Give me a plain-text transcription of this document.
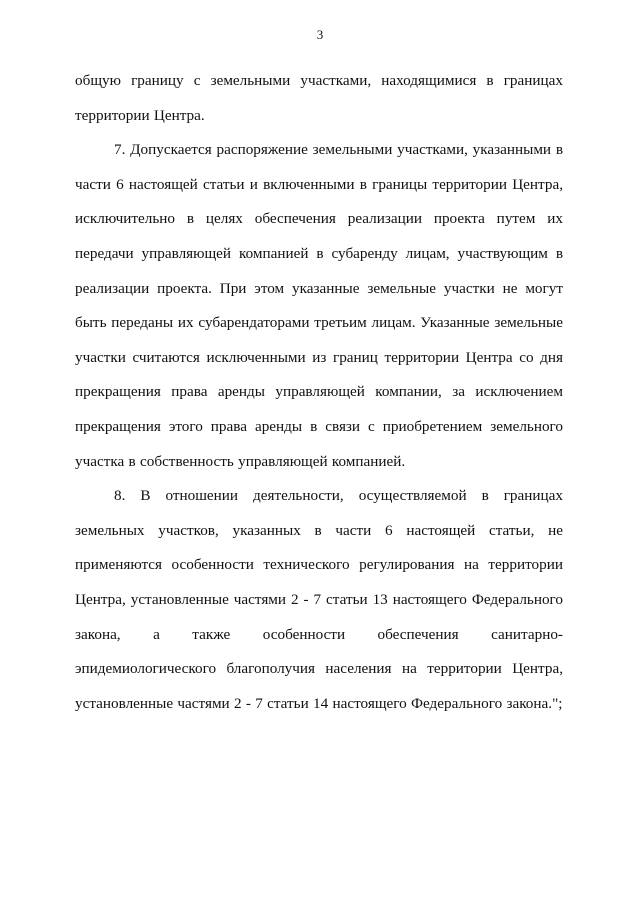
3

общую границу с земельными участками, находящимися в границах территории Центра.

7. Допускается распоряжение земельными участками, указанными в части 6 настоящей статьи и включенными в границы территории Центра, исключительно в целях обеспечения реализации проекта путем их передачи управляющей компанией в субаренду лицам, участвующим в реализации проекта. При этом указанные земельные участки не могут быть переданы их субарендаторами третьим лицам. Указанные земельные участки считаются исключенными из границ территории Центра со дня прекращения права аренды управляющей компании, за исключением прекращения этого права аренды в связи с приобретением земельного участка в собственность управляющей компанией.

8. В отношении деятельности, осуществляемой в границах земельных участков, указанных в части 6 настоящей статьи, не применяются особенности технического регулирования на территории Центра, установленные частями 2 - 7 статьи 13 настоящего Федерального закона, а также особенности обеспечения санитарно-эпидемиологического благополучия населения на территории Центра, установленные частями 2 - 7 статьи 14 настоящего Федерального закона.";
